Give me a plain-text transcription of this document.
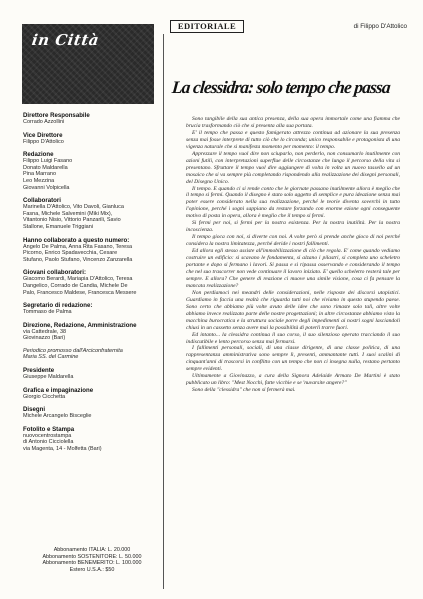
in Città
Direttore Responsabile
Corrado Azzollini
Vice Direttore
Filippo D'Attolico
Redazione
Filippo Luigi Fasano
Donato Maldarella
Pina Marrano
Leo Mezzina
Giovanni Volpicella
Collaboratori
Marinella D'Attolico, Vito Davoli, Gianluca
Fasna, Michele Salvemini (Miki Mix),
Vitantonio Nisio, Vittorio Panzarili, Savio
Stallone, Emanuele Triggiani
Hanno collaborato a questo numero:
Angelo De Palma, Anna Rita Fasano, Teresa
Picorno, Enrico Spadavecchia, Cesare
Stufano, Paolo Stufano, Vincenzo Zanzarella
Giovani collaboratori:
Giacomo Berardi, Mariapia D'Attolico, Teresa
Dangelico, Corrado de Candia, Michele De
Palo, Francesco Maldese, Francesca Messere
Segretario di redazione:
Tommaso de Palma
Direzione, Redazione, Amministrazione
via Cattedrale, 38
Giovinazzo (Bari)
Periodico promosso dall'Arciconfraternita
Maria SS. del Carmine
Presidente
Giuseppe Maldarella
Grafica e impaginazione
Giorgio Cicchetta
Disegni
Michele Arcangelo Bisceglie
Fotolito e Stampa
nuovocentrostampa
di Antonio Cicciolella
via Magenta, 14 - Molfetta (Bari)
Abbonamento ITALIA: L. 20.000
Abbonamento SOSTENITORE: L. 50.000
Abbonamento BENEMERITO: L. 100.000
Estero U.S.A.: $50
EDITORIALE	di Filippo D'Attolico
La clessidra: solo tempo che passa

Sono tangibile della sua antica presenza, della sua opera immortale come una fiamma che brucia trasformando ciò che si presenta alla sua portata.

E' il tempo che passa e questo famigerato attrezzo continua ad azionare la sua presenza senza mai fosse interprete di tutto ciò che lo circonda; unico responsabile e protagonista di una vigenza naturale che si manifesta momento per momento: il tempo.

Apprezzare il tempo vuol dire non sciuparlo, non perderlo, non consumarlo inutilmente con azioni futili, con interpretazioni superflue delle circostanze che lungo il percorso della vita si presentano. Sfruttare il tempo vuol dire aggiungere di volta in volta un nuovo tassello ad un mosaico che si va sempre più completando rispondendo alla realizzazione dei disegni personali, del Disegno Unico.

Il tempo. E quando ci si rende conto che le giornate passano inutilmente allora è meglio che il tempo si fermi. Quando il disegno è stato solo aggetto di semplice e pura ideazione senza mai poter essere considerato nella sua realizzazione, perché le teorie diventa soverchi in tutto l'opinione, perché i sogni sappiano da restare forzando con enorme ezione ogni conseguente motivo di posta in opera, allora è meglio che il tempo si fermi.

Si fermi per noi, si fermi per la nostra esistenza. Per la nostra inutilità. Per la nostra incoscienza.

Il tempo gioca con noi, si diverte con noi. A volte però si prende anche gioco di noi perché considera la nostra limitatezza, perché deride i nostri fallimenti.

Ed allora egli stesso assiste all'immobilizzazione di ciò che regola. E' come quando vediamo costruire un edificio: si scavano le fondamenta, si alzano i pilastri, si completa uno scheletro portante e dopo si fermano i lavori. Si passa e si ripassa osservando e considerando il tempo che nel suo trascorrer non vede continuare il lavoro iniziato. E' quello scheletro resterà tale per sempre. E allora? Che genere di reazione ci muove una simile visione, cosa ci fa pensare la mancata realizzazione?

Non perdiamoci nei meandri delle considerazioni, nelle risposte dei discorsi utopistici. Guardiamo in faccia una realtà che riguarda tutti noi che viviamo in questo stupendo paese. Sono certo che abbiamo più volte avuto delle idee che sono rimaste solo tali, altre volte abbiamo invece realizzato parte delle nostre progettazioni; in altre circostanze abbiamo visto la macchina burocratica e la struttura sociale porre degli impedimenti ai nostri sogni lasciandoli chiusi in un cassetto senza avere mai la possibilità di poterli trarre fuori.

Ed intanto... la clessidra continua il suo corso, il suo silenzioso operato tracciando il suo indiscutibile e lento percorso senza mai fermarsi.

I fallimenti personali, sociali, di una classe dirigente, di una classe politica, di una rappresentanza amministrativa sono sempre lì, presenti, ammantante tutti. I suoi scalini di cinquant'anni di trascorsi in conflitto con un tempo che non ci insegna nulla, restano pertanto sempre evidenti.

Ultimamente a Giovinazzo, a cura della Signora Adelaide Armato De Martini è stato pubblicato un libro: "Mest Nocchi, fatte vicchie e se 'nuvarsite angere?"

Sono della "clessidra" che non si fermerà mai.
